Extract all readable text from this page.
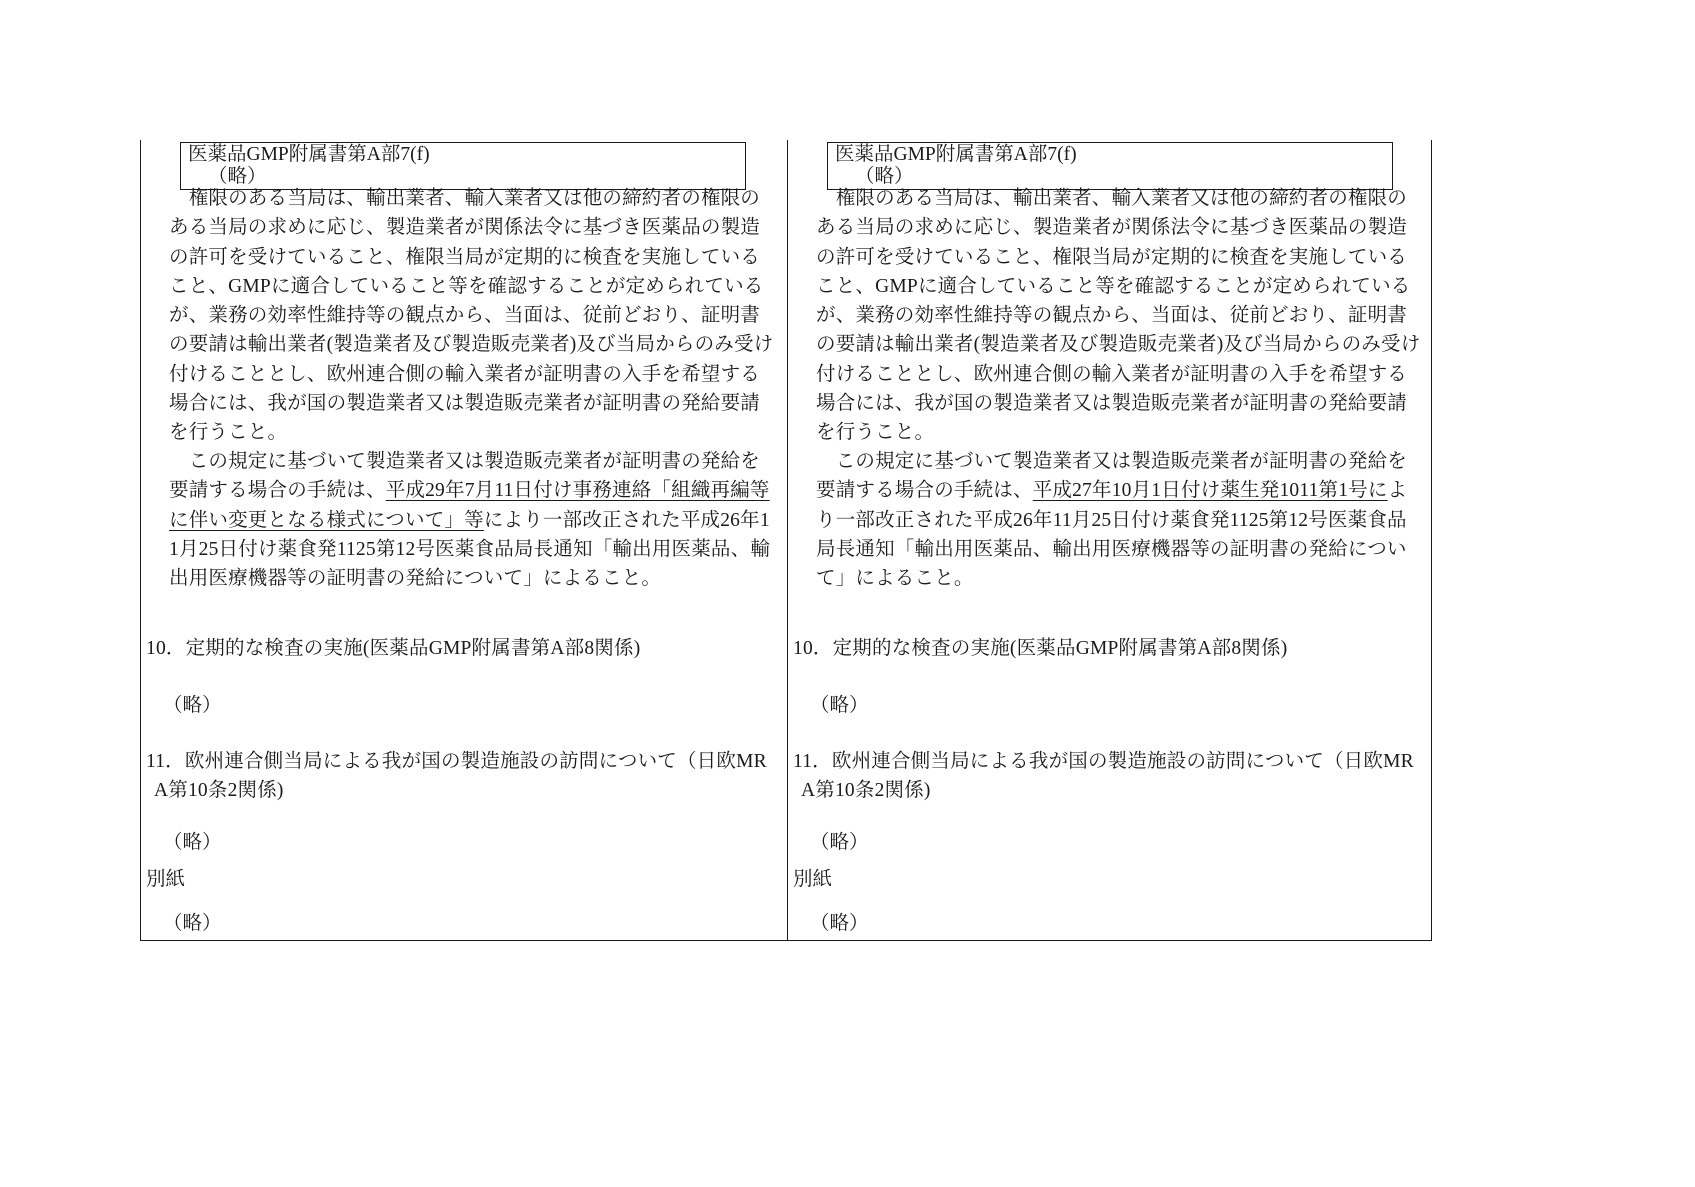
医薬品GMP附属書第A部7(f)
（略）
　権限のある当局は、輸出業者、輸入業者又は他の締約者の権限のある当局の求めに応じ、製造業者が関係法令に基づき医薬品の製造の許可を受けていること、権限当局が定期的に検査を実施していること、GMPに適合していること等を確認することが定められているが、業務の効率性維持等の観点から、当面は、従前どおり、証明書の要請は輸出業者(製造業者及び製造販売業者)及び当局からのみ受け付けることとし、欧州連合側の輸入業者が証明書の入手を希望する場合には、我が国の製造業者又は製造販売業者が証明書の発給要請を行うこと。
　この規定に基づいて製造業者又は製造販売業者が証明書の発給を要請する場合の手続は、平成29年7月11日付け事務連絡「組織再編等に伴い変更となる様式について」等により一部改正された平成26年11月25日付け薬食発1125第12号医薬食品局長通知「輸出用医薬品、輸出用医療機器等の証明書の発給について」によること。
10．定期的な検査の実施(医薬品GMP附属書第A部8関係)
（略）
11．欧州連合側当局による我が国の製造施設の訪問について（日欧MRA第10条2関係)
（略）
別紙
（略）
医薬品GMP附属書第A部7(f)
（略）
　権限のある当局は、輸出業者、輸入業者又は他の締約者の権限のある当局の求めに応じ、製造業者が関係法令に基づき医薬品の製造の許可を受けていること、権限当局が定期的に検査を実施していること、GMPに適合していること等を確認することが定められているが、業務の効率性維持等の観点から、当面は、従前どおり、証明書の要請は輸出業者(製造業者及び製造販売業者)及び当局からのみ受け付けることとし、欧州連合側の輸入業者が証明書の入手を希望する場合には、我が国の製造業者又は製造販売業者が証明書の発給要請を行うこと。
　この規定に基づいて製造業者又は製造販売業者が証明書の発給を要請する場合の手続は、平成27年10月1日付け薬生発1011第1号により一部改正された平成26年11月25日付け薬食発1125第12号医薬食品局長通知「輸出用医薬品、輸出用医療機器等の証明書の発給について」によること。
10．定期的な検査の実施(医薬品GMP附属書第A部8関係)
（略）
11．欧州連合側当局による我が国の製造施設の訪問について（日欧MRA第10条2関係)
（略）
別紙
（略）
